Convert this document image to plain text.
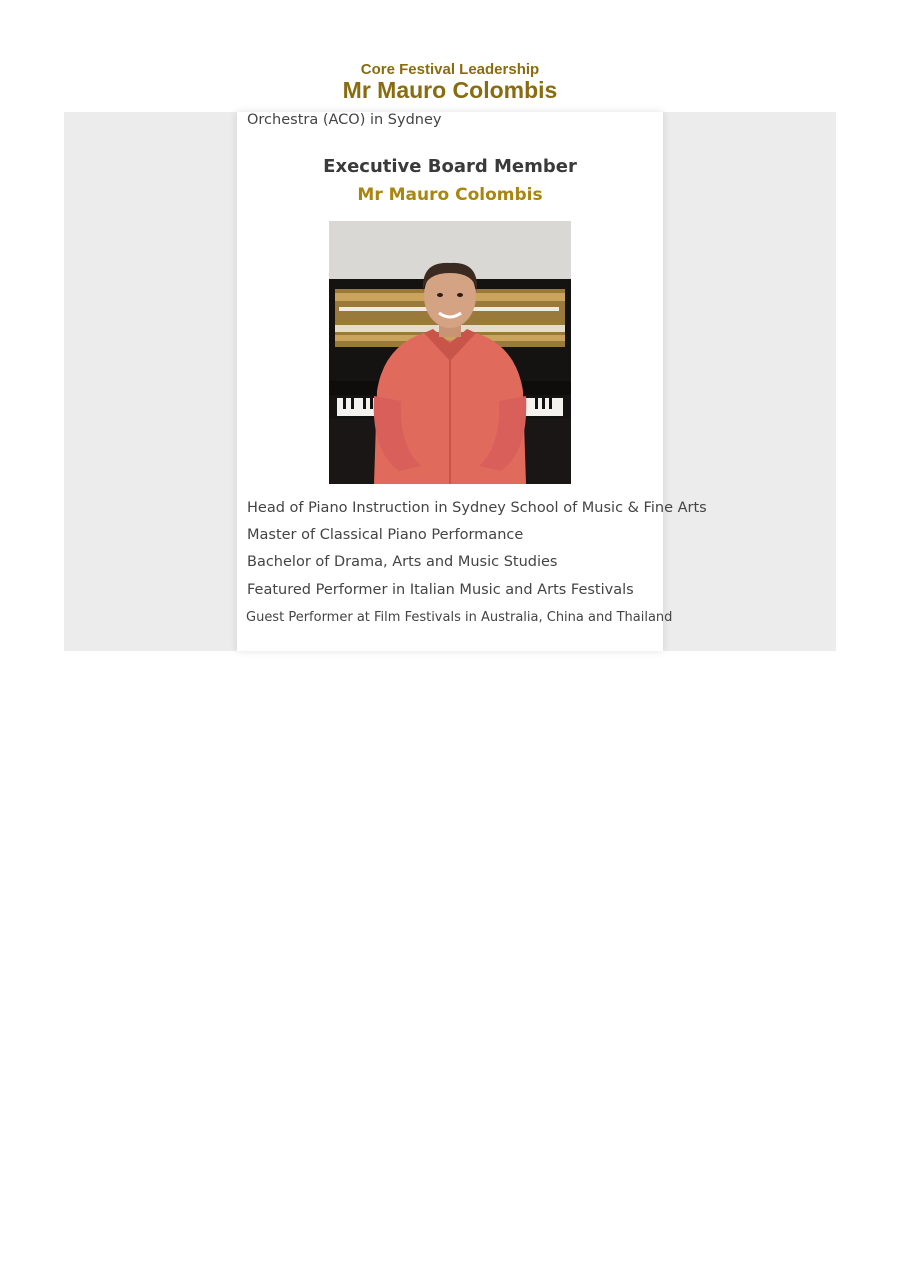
Core Festival Leadership
Mr Mauro Colombis
Orchestra (ACO) in Sydney
Executive Board Member
Mr Mauro Colombis
Head of Piano Instruction in Sydney School of Music & Fine Arts
Master of Classical Piano Performance
Bachelor of Drama, Arts and Music Studies
Featured Performer in Italian Music and Arts Festivals
Guest Performer at Film Festivals in Australia, China and Thailand
